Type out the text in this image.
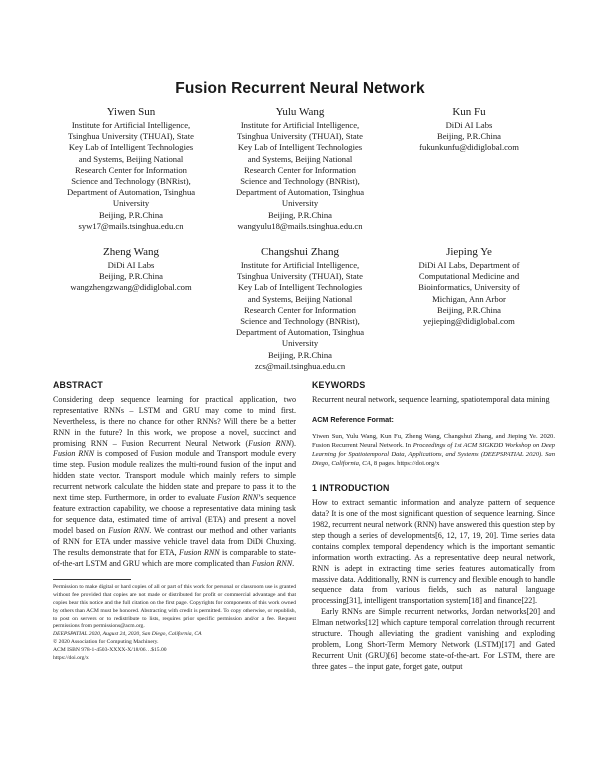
Fusion Recurrent Neural Network
Yiwen Sun
Institute for Artificial Intelligence,
Tsinghua University (THUAI), State
Key Lab of Intelligent Technologies
and Systems, Beijing National
Research Center for Information
Science and Technology (BNRist),
Department of Automation, Tsinghua
University
Beijing, P.R.China
syw17@mails.tsinghua.edu.cn
Yulu Wang
Institute for Artificial Intelligence,
Tsinghua University (THUAI), State
Key Lab of Intelligent Technologies
and Systems, Beijing National
Research Center for Information
Science and Technology (BNRist),
Department of Automation, Tsinghua
University
Beijing, P.R.China
wangyulu18@mails.tsinghua.edu.cn
Kun Fu
DiDi AI Labs
Beijing, P.R.China
fukunkunfu@didiglobal.com
Zheng Wang
DiDi AI Labs
Beijing, P.R.China
wangzhengzwang@didiglobal.com
Changshui Zhang
Institute for Artificial Intelligence,
Tsinghua University (THUAI), State
Key Lab of Intelligent Technologies
and Systems, Beijing National
Research Center for Information
Science and Technology (BNRist),
Department of Automation, Tsinghua
University
Beijing, P.R.China
zcs@mail.tsinghua.edu.cn
Jieping Ye
DiDi AI Labs, Department of
Computational Medicine and
Bioinformatics, University of
Michigan, Ann Arbor
Beijing, P.R.China
yejieping@didiglobal.com
ABSTRACT

Considering deep sequence learning for practical application, two representative RNNs – LSTM and GRU may come to mind first. Nevertheless, is there no chance for other RNNs? Will there be a better RNN in the future? In this work, we propose a novel, succinct and promising RNN – Fusion Recurrent Neural Network (Fusion RNN). Fusion RNN is composed of Fusion module and Transport module every time step. Fusion module realizes the multi-round fusion of the input and hidden state vector. Transport module which mainly refers to simple recurrent network calculate the hidden state and prepare to pass it to the next time step. Furthermore, in order to evaluate Fusion RNN’s sequence feature extraction capability, we choose a representative data mining task for sequence data, estimated time of arrival (ETA) and present a novel model based on Fusion RNN. We contrast our method and other variants of RNN for ETA under massive vehicle travel data from DiDi Chuxing. The results demonstrate that for ETA, Fusion RNN is comparable to state-of-the-art LSTM and GRU which are more complicated than Fusion RNN.

Permission to make digital or hard copies of all or part of this work for personal or classroom use is granted without fee provided that copies are not made or distributed for profit or commercial advantage and that copies bear this notice and the full citation on the first page. Copyrights for components of this work owned by others than ACM must be honored. Abstracting with credit is permitted. To copy otherwise, or republish, to post on servers or to redistribute to lists, requires prior specific permission and/or a fee. Request permissions from permissions@acm.org.
DEEPSPATIAL 2020, August 24, 2020, San Diego, California, CA
© 2020 Association for Computing Machinery.
ACM ISBN 978-1-4503-XXXX-X/18/06…$15.00
https://doi.org/x
KEYWORDS

Recurrent neural network, sequence learning, spatiotemporal data mining

ACM Reference Format:

Yiwen Sun, Yulu Wang, Kun Fu, Zheng Wang, Changshui Zhang, and Jieping Ye. 2020. Fusion Recurrent Neural Network. In Proceedings of 1st ACM SIGKDD Workshop on Deep Learning for Spatiotemporal Data, Applications, and Systems (DEEPSPATIAL 2020). San Diego, California, CA, 8 pages. https://doi.org/x

1 INTRODUCTION

How to extract semantic information and analyze pattern of sequence data? It is one of the most significant question of sequence learning. Since 1982, recurrent neural network (RNN) have answered this question step by step though a series of developments[6, 12, 17, 19, 20]. Time series data contains complex temporal dependency which is the important semantic information worth extracting. As a representative deep neural network, RNN is adept in extracting time series features automatically from massive data. Additionally, RNN is currency and flexible enough to handle sequence data from various fields, such as natural language processing[31], intelligent transportation system[18] and finance[22].

Early RNNs are Simple recurrent networks, Jordan networks[20] and Elman networks[12] which capture temporal correlation through recurrent structure. Though alleviating the gradient vanishing and exploding problem, Long Short-Term Memory Network (LSTM)[17] and Gated Recurrent Unit (GRU)[6] become state-of-the-art. For LSTM, there are three gates – the input gate, forget gate, output
